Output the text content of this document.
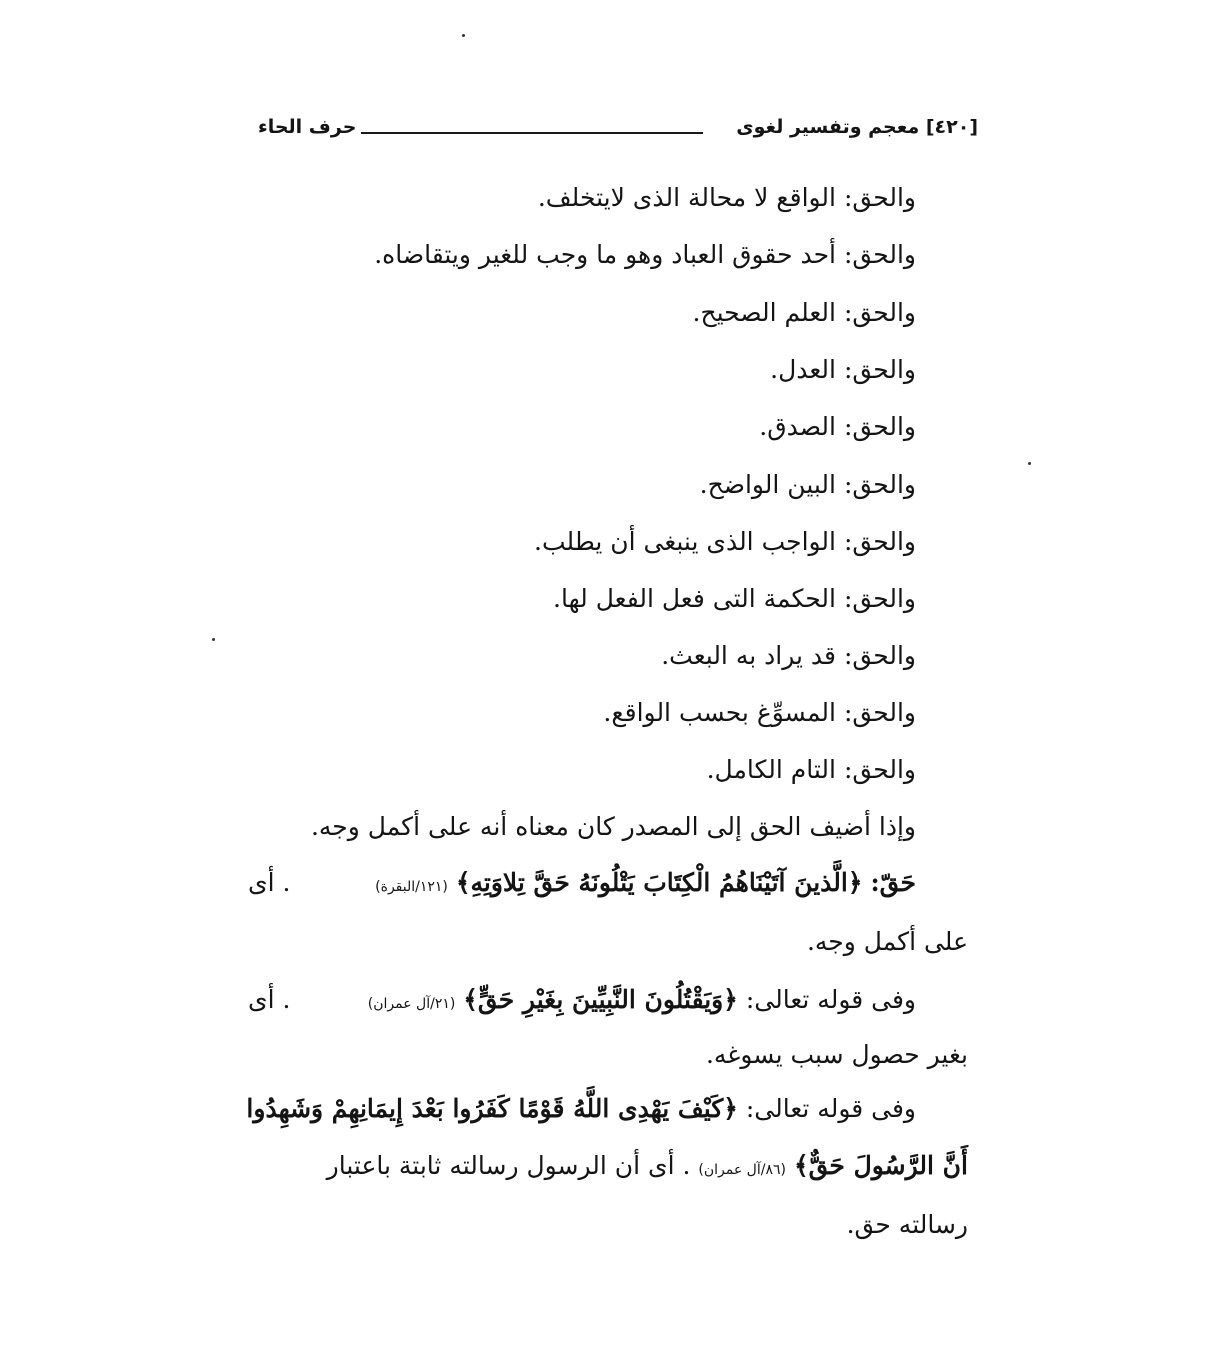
[٤٢٠] معجم وتفسير لغوى
حرف الحاء
والحق: الواقع لا محالة الذى لايتخلف.
والحق: أحد حقوق العباد وهو ما وجب للغير ويتقاضاه.
والحق: العلم الصحيح.
والحق: العدل.
والحق: الصدق.
والحق: البين الواضح.
والحق: الواجب الذى ينبغى أن يطلب.
والحق: الحكمة التى فعل الفعل لها.
والحق: قد يراد به البعث.
والحق: المسوِّغ بحسب الواقع.
والحق: التام الكامل.
وإذا أضيف الحق إلى المصدر كان معناه أنه على أكمل وجه.
حَقّ: ﴿الَّذينَ آتَيْنَاهُمُ الْكِتَابَ يَتْلُونَهُ حَقَّ تِلاوَتِهِ﴾ (١٢١/البقرة)
. أى
على أكمل وجه.
وفى قوله تعالى: ﴿وَيَقْتُلُونَ النَّبِيِّينَ بِغَيْرِ حَقٍّ﴾ (٢١/آل عمران)
. أى
بغير حصول سبب يسوغه.
وفى قوله تعالى: ﴿كَيْفَ يَهْدِى اللَّهُ قَوْمًا كَفَرُوا بَعْدَ إِيمَانِهِمْ وَشَهِدُوا
أَنَّ الرَّسُولَ حَقٌّ﴾ (٨٦/آل عمران) . أى أن الرسول رسالته ثابتة باعتبار
رسالته حق.
